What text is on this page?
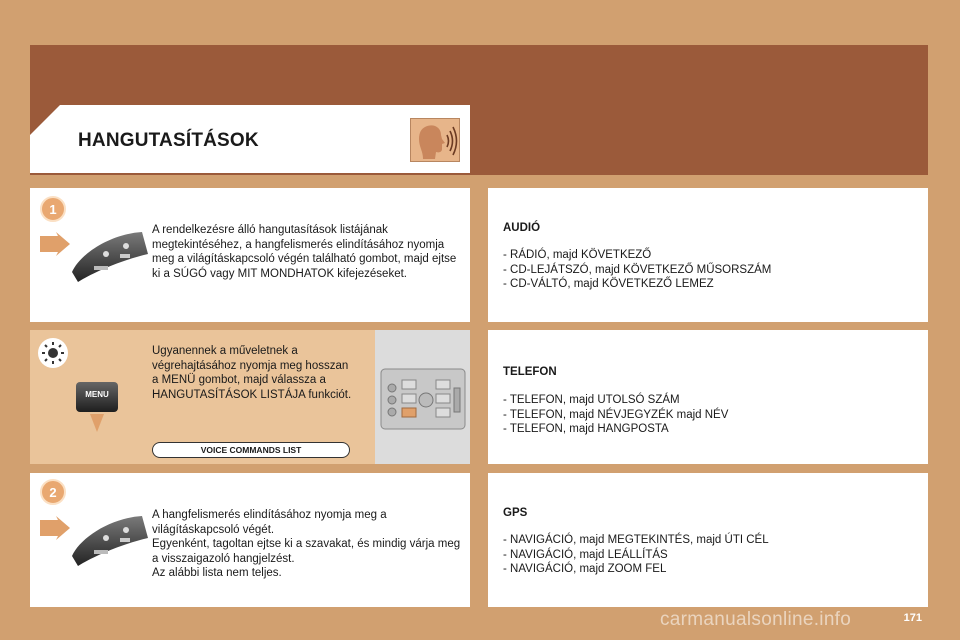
HANGUTASÍTÁSOK
1
A rendelkezésre álló hangutasítások listájának megtekintéséhez, a hangfelismerés elindításához nyomja meg a világításkapcsoló végén található gombot, majd ejtse ki a SÚGÓ vagy MIT MONDHATOK kifejezéseket.
MENU
Ugyanennek a műveletnek a végrehajtásához nyomja meg hosszan a MENÜ gombot, majd válassza a HANGUTASÍTÁSOK LISTÁJA funkciót.
VOICE COMMANDS LIST
2

A hangfelismerés elindításához nyomja meg a világításkapcsoló végét.

Egyenként, tagoltan ejtse ki a szavakat, és mindig várja meg a visszaigazoló hangjelzést.

Az alábbi lista nem teljes.

AUDIÓ
- RÁDIÓ, majd KÖVETKEZŐ
- CD-LEJÁTSZÓ, majd KÖVETKEZŐ MŰSORSZÁM
- CD-VÁLTÓ, majd KÖVETKEZŐ LEMEZ
TELEFON
- TELEFON, majd UTOLSÓ SZÁM
- TELEFON, majd NÉVJEGYZÉK majd NÉV
- TELEFON, majd HANGPOSTA
GPS
- NAVIGÁCIÓ, majd MEGTEKINTÉS, majd ÚTI CÉL
- NAVIGÁCIÓ, majd LEÁLLÍTÁS
- NAVIGÁCIÓ, majd ZOOM FEL
171
carmanualsonline.info
